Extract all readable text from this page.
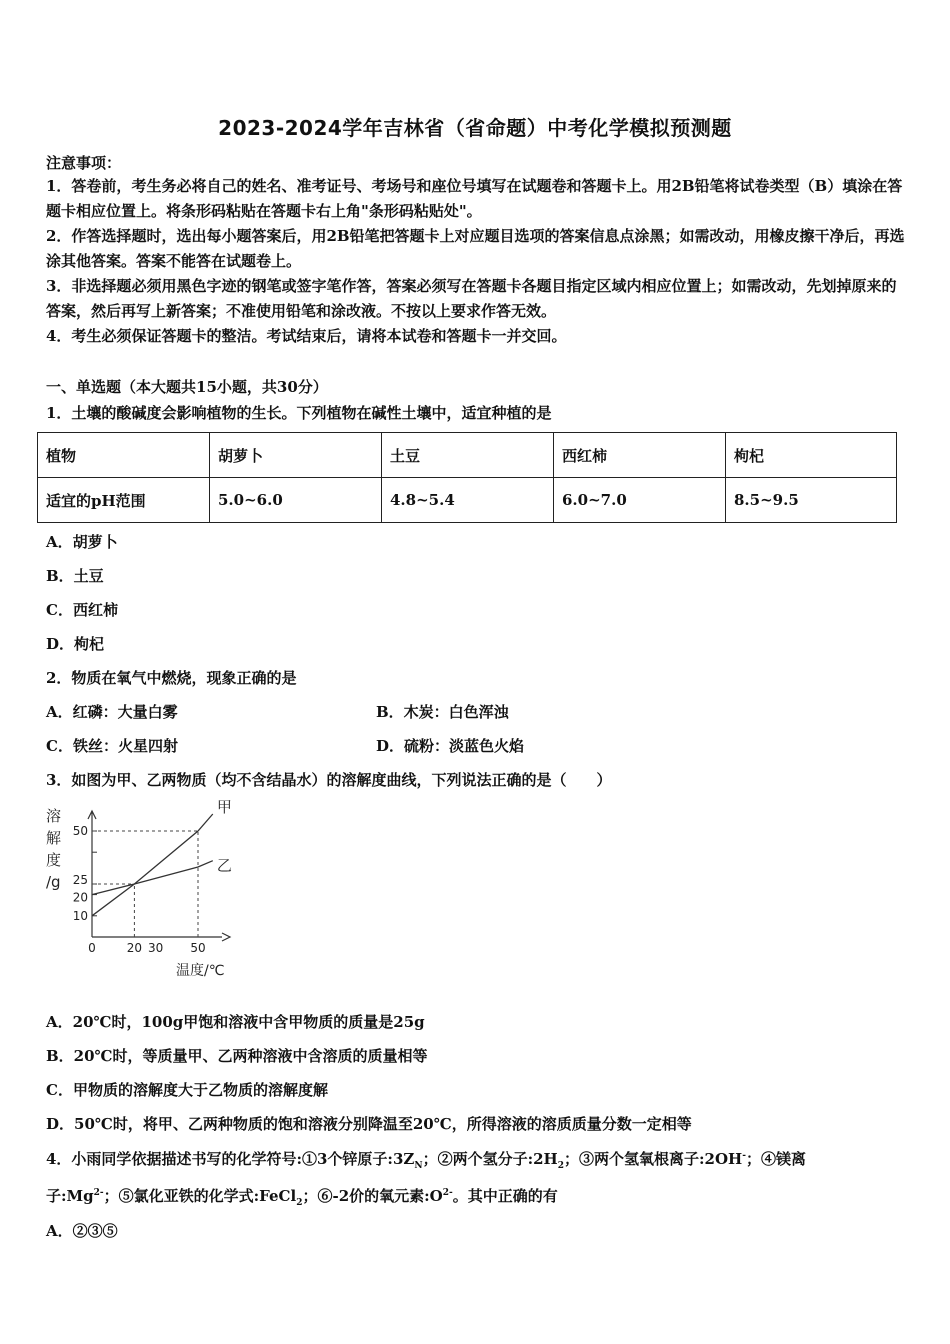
2023-2024学年吉林省（省命题）中考化学模拟预测题
注意事项：
1．答卷前，考生务必将自己的姓名、准考证号、考场号和座位号填写在试题卷和答题卡上。用2B铅笔将试卷类型（B）填涂在答题卡相应位置上。将条形码粘贴在答题卡右上角"条形码粘贴处"。
2．作答选择题时，选出每小题答案后，用2B铅笔把答题卡上对应题目选项的答案信息点涂黑；如需改动，用橡皮擦干净后，再选涂其他答案。答案不能答在试题卷上。
3．非选择题必须用黑色字迹的钢笔或签字笔作答，答案必须写在答题卡各题目指定区域内相应位置上；如需改动，先划掉原来的答案，然后再写上新答案；不准使用铅笔和涂改液。不按以上要求作答无效。
4．考生必须保证答题卡的整洁。考试结束后，请将本试卷和答题卡一并交回。
一、单选题（本大题共15小题，共30分）
1．土壤的酸碱度会影响植物的生长。下列植物在碱性土壤中，适宜种植的是
植物	胡萝卜	土豆	西红柿	枸杞
适宜的pH范围	5.0~6.0	4.8~5.4	6.0~7.0	8.5~9.5
A．胡萝卜
B．土豆
C．西红柿
D．枸杞
2．物质在氧气中燃烧，现象正确的是
A．红磷：大量白雾	B．木炭：白色浑浊
C．铁丝：火星四射	D．硫粉：淡蓝色火焰
3．如图为甲、乙两物质（均不含结晶水）的溶解度曲线，下列说法正确的是（　　）
甲
乙
0	20 30 50
50
25
20
10
溶
解
度
/g
温度/℃
A．20℃时，100g甲饱和溶液中含甲物质的质量是25g
B．20℃时，等质量甲、乙两种溶液中含溶质的质量相等
C．甲物质的溶解度大于乙物质的溶解度解
D．50℃时，将甲、乙两种物质的饱和溶液分别降温至20℃，所得溶液的溶质质量分数一定相等
4．小雨同学依据描述书写的化学符号:①3个锌原子$:3Z_N$；②两个氢分子$:2H_2$；③两个氢氧根离子:2OH-；④镁离
子$:Mg^{2-}$；⑤氯化亚铁的化学式:FeCl$_2$；⑥-2价的氧元素$:O^{2-}$。其中正确的有
A．②③⑤
